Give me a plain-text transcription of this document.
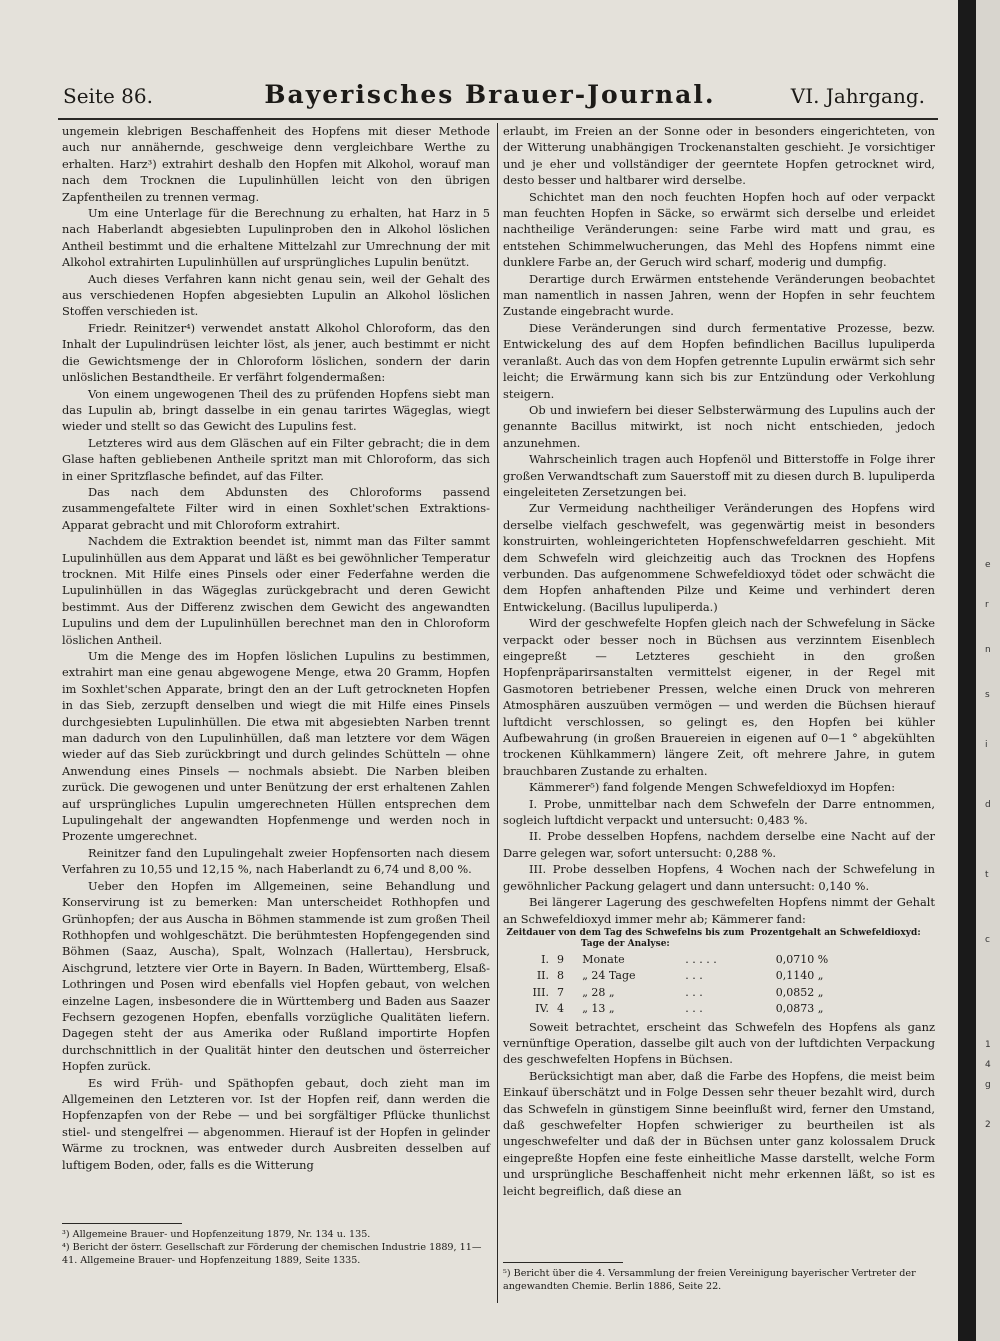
Seite 86.	Bayerisches Brauer-Journal.	VI. Jahrgang.

ungemein klebrigen Beschaffenheit des Hopfens mit dieser Methode auch nur annähernde, geschweige denn vergleichbare Werthe zu erhalten. Harz³) extrahirt deshalb den Hopfen mit Alkohol, worauf man nach dem Trocknen die Lupulinhüllen leicht von den übrigen Zapfentheilen zu trennen vermag.

Um eine Unterlage für die Berechnung zu erhalten, hat Harz in 5 nach Haberlandt abgesiebten Lupulinproben den in Alkohol löslichen Antheil bestimmt und die erhaltene Mittelzahl zur Umrechnung der mit Alkohol extrahirten Lupulinhüllen auf ursprüngliches Lupulin benützt.

Auch dieses Verfahren kann nicht genau sein, weil der Gehalt des aus verschiedenen Hopfen abgesiebten Lupulin an Alkohol löslichen Stoffen verschieden ist.

Friedr. Reinitzer⁴) verwendet anstatt Alkohol Chloroform, das den Inhalt der Lupulindrüsen leichter löst, als jener, auch bestimmt er nicht die Gewichtsmenge der in Chloroform löslichen, sondern der darin unlöslichen Bestandtheile. Er verfährt folgendermaßen:

Von einem ungewogenen Theil des zu prüfenden Hopfens siebt man das Lupulin ab, bringt dasselbe in ein genau tarirtes Wägeglas, wiegt wieder und stellt so das Gewicht des Lupulins fest.

Letzteres wird aus dem Gläschen auf ein Filter gebracht; die in dem Glase haften gebliebenen Antheile spritzt man mit Chloroform, das sich in einer Spritzflasche befindet, auf das Filter.

Das nach dem Abdunsten des Chloroforms passend zusammengefaltete Filter wird in einen Soxhlet'schen Extraktions-Apparat gebracht und mit Chloroform extrahirt.

Nachdem die Extraktion beendet ist, nimmt man das Filter sammt Lupulinhüllen aus dem Apparat und läßt es bei gewöhnlicher Temperatur trocknen. Mit Hilfe eines Pinsels oder einer Federfahne werden die Lupulinhüllen in das Wägeglas zurückgebracht und deren Gewicht bestimmt. Aus der Differenz zwischen dem Gewicht des angewandten Lupulins und dem der Lupulinhüllen berechnet man den in Chloroform löslichen Antheil.

Um die Menge des im Hopfen löslichen Lupulins zu bestimmen, extrahirt man eine genau abgewogene Menge, etwa 20 Gramm, Hopfen im Soxhlet'schen Apparate, bringt den an der Luft getrockneten Hopfen in das Sieb, zerzupft denselben und wiegt die mit Hilfe eines Pinsels durchgesiebten Lupulinhüllen. Die etwa mit abgesiebten Narben trennt man dadurch von den Lupulinhüllen, daß man letztere vor dem Wägen wieder auf das Sieb zurückbringt und durch gelindes Schütteln — ohne Anwendung eines Pinsels — nochmals absiebt. Die Narben bleiben zurück. Die gewogenen und unter Benützung der erst erhaltenen Zahlen auf ursprüngliches Lupulin umgerechneten Hüllen entsprechen dem Lupulingehalt der angewandten Hopfenmenge und werden noch in Prozente umgerechnet.

Reinitzer fand den Lupulingehalt zweier Hopfensorten nach diesem Verfahren zu 10,55 und 12,15 %, nach Haberlandt zu 6,74 und 8,00 %.

Ueber den Hopfen im Allgemeinen, seine Behandlung und Konservirung ist zu bemerken: Man unterscheidet Rothhopfen und Grünhopfen; der aus Auscha in Böhmen stammende ist zum großen Theil Rothhopfen und wohlgeschätzt. Die berühmtesten Hopfengegenden sind Böhmen (Saaz, Auscha), Spalt, Wolnzach (Hallertau), Hersbruck, Aischgrund, letztere vier Orte in Bayern. In Baden, Württemberg, Elsaß-Lothringen und Posen wird ebenfalls viel Hopfen gebaut, von welchen einzelne Lagen, insbesondere die in Württemberg und Baden aus Saazer Fechsern gezogenen Hopfen, ebenfalls vorzügliche Qualitäten liefern. Dagegen steht der aus Amerika oder Rußland importirte Hopfen durchschnittlich in der Qualität hinter den deutschen und österreicher Hopfen zurück.

Es wird Früh- und Späthopfen gebaut, doch zieht man im Allgemeinen den Letzteren vor. Ist der Hopfen reif, dann werden die Hopfenzapfen von der Rebe — und bei sorgfältiger Pflücke thunlichst stiel- und stengelfrei — abgenommen. Hierauf ist der Hopfen in gelinder Wärme zu trocknen, was entweder durch Ausbreiten desselben auf luftigem Boden, oder, falls es die Witterung

³) Allgemeine Brauer- und Hopfenzeitung 1879, Nr. 134 u. 135.

⁴) Bericht der österr. Gesellschaft zur Förderung der chemischen Industrie 1889, 11—41. Allgemeine Brauer- und Hopfenzeitung 1889, Seite 1335.

erlaubt, im Freien an der Sonne oder in besonders eingerichteten, von der Witterung unabhängigen Trockenanstalten geschieht. Je vorsichtiger und je eher und vollständiger der geerntete Hopfen getrocknet wird, desto besser und haltbarer wird derselbe.

Schichtet man den noch feuchten Hopfen hoch auf oder verpackt man feuchten Hopfen in Säcke, so erwärmt sich derselbe und erleidet nachtheilige Veränderungen: seine Farbe wird matt und grau, es entstehen Schimmelwucherungen, das Mehl des Hopfens nimmt eine dunklere Farbe an, der Geruch wird scharf, moderig und dumpfig.

Derartige durch Erwärmen entstehende Veränderungen beobachtet man namentlich in nassen Jahren, wenn der Hopfen in sehr feuchtem Zustande eingebracht wurde.

Diese Veränderungen sind durch fermentative Prozesse, bezw. Entwickelung des auf dem Hopfen befindlichen Bacillus lupuliperda veranlaßt. Auch das von dem Hopfen getrennte Lupulin erwärmt sich sehr leicht; die Erwärmung kann sich bis zur Entzündung oder Verkohlung steigern.

Ob und inwiefern bei dieser Selbsterwärmung des Lupulins auch der genannte Bacillus mitwirkt, ist noch nicht entschieden, jedoch anzunehmen.

Wahrscheinlich tragen auch Hopfenöl und Bitterstoffe in Folge ihrer großen Verwandtschaft zum Sauerstoff mit zu diesen durch B. lupuliperda eingeleiteten Zersetzungen bei.

Zur Vermeidung nachtheiliger Veränderungen des Hopfens wird derselbe vielfach geschwefelt, was gegenwärtig meist in besonders konstruirten, wohleingerichteten Hopfenschwefeldarren geschieht. Mit dem Schwefeln wird gleichzeitig auch das Trocknen des Hopfens verbunden. Das aufgenommene Schwefeldioxyd tödet oder schwächt die dem Hopfen anhaftenden Pilze und Keime und verhindert deren Entwickelung. (Bacillus lupuliperda.)

Wird der geschwefelte Hopfen gleich nach der Schwefelung in Säcke verpackt oder besser noch in Büchsen aus verzinntem Eisenblech eingepreßt — Letzteres geschieht in den großen Hopfenpräparirsanstalten vermittelst eigener, in der Regel mit Gasmotoren betriebener Pressen, welche einen Druck von mehreren Atmosphären auszuüben vermögen — und werden die Büchsen hierauf luftdicht verschlossen, so gelingt es, den Hopfen bei kühler Aufbewahrung (in großen Brauereien in eigenen auf 0—1 ° abgekühlten trockenen Kühlkammern) längere Zeit, oft mehrere Jahre, in gutem brauchbaren Zustande zu erhalten.

Kämmerer⁵) fand folgende Mengen Schwefeldioxyd im Hopfen:

I. Probe, unmittelbar nach dem Schwefeln der Darre entnommen, sogleich luftdicht verpackt und untersucht: 0,483 %.

II. Probe desselben Hopfens, nachdem derselbe eine Nacht auf der Darre gelegen war, sofort untersucht: 0,288 %.

III. Probe desselben Hopfens, 4 Wochen nach der Schwefelung in gewöhnlicher Packung gelagert und dann untersucht: 0,140 %.

Bei längerer Lagerung des geschwefelten Hopfens nimmt der Gehalt an Schwefeldioxyd immer mehr ab; Kämmerer fand:

Zeitdauer von dem Tag des Schwefelns bis zum Tage der Analyse:				Prozentgehalt an Schwefeldioxyd:
I.	9	Monate	. . . . .	0,0710 %
II.	8	„ 24 Tage	. . .	0,1140 „
III.	7	„ 28 „	. . .	0,0852 „
IV.	4	„ 13 „	. . .	0,0873 „

Soweit betrachtet, erscheint das Schwefeln des Hopfens als ganz vernünftige Operation, dasselbe gilt auch von der luftdichten Verpackung des geschwefelten Hopfens in Büchsen.

Berücksichtigt man aber, daß die Farbe des Hopfens, die meist beim Einkauf überschätzt und in Folge Dessen sehr theuer bezahlt wird, durch das Schwefeln in günstigem Sinne beeinflußt wird, ferner den Umstand, daß geschwefelter Hopfen schwieriger zu beurtheilen ist als ungeschwefelter und daß der in Büchsen unter ganz kolossalem Druck eingepreßte Hopfen eine feste einheitliche Masse darstellt, welche Form und ursprüngliche Beschaffenheit nicht mehr erkennen läßt, so ist es leicht begreiflich, daß diese an

⁵) Bericht über die 4. Versammlung der freien Vereinigung bayerischer Vertreter der angewandten Chemie. Berlin 1886, Seite 22.

e
r
n
s
i
d
t
c
1
4
g
2
